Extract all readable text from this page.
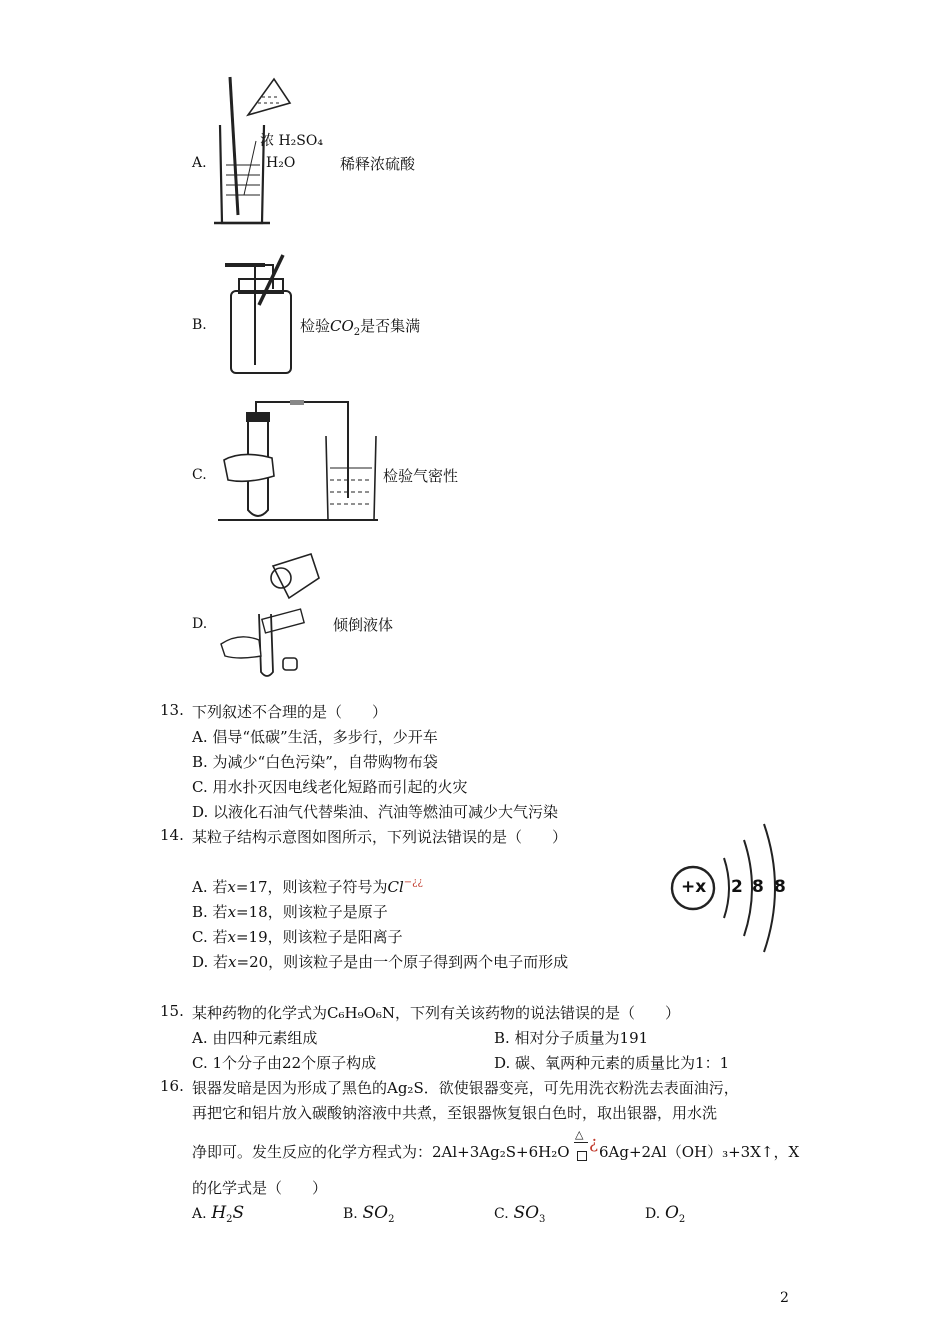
A.
浓 H₂SO₄
H₂O	稀释浓硫酸
B.	检验$CO_2$是否集满
C.	检验气密性
D.	倾倒液体
13. 下列叙述不合理的是（　　）
A. 倡导“低碳”生活，多步行，少开车
B. 为减少“白色污染”，自带购物布袋
C. 用水扑灭因电线老化短路而引起的火灾
D. 以液化石油气代替柴油、汽油等燃油可减少大气污染
14. 某粒子结构示意图如图所示，下列说法错误的是（　　）
A. 若x=17，则该粒子符号为Cl−¿¿
B. 若x=18，则该粒子是原子
C. 若x=19，则该粒子是阳离子
D. 若x=20，则该粒子是由一个原子得到两个电子而形成
+x 2 8 8
15. 某种药物的化学式为C₆H₉O₆N，下列有关该药物的说法错误的是（　　）
A. 由四种元素组成	B. 相对分子质量为191
C. 1个分子由22个原子构成	D. 碳、氧两种元素的质量比为1：1
16. 银器发暗是因为形成了黑色的Ag₂S．欲使银器变亮，可先用洗衣粉洗去表面油污，
再把它和铝片放入碳酸钠溶液中共煮，至银器恢复银白色时，取出银器，用水洗
净即可。发生反应的化学方程式为：2Al+3Ag₂S+6H₂O
△ ¿ 6Ag+2Al（OH）₃+3X↑，X
的化学式是（　　）
A. $H_2S$	B. $SO_2$	C. $SO_3$	D. $O_2$
2
